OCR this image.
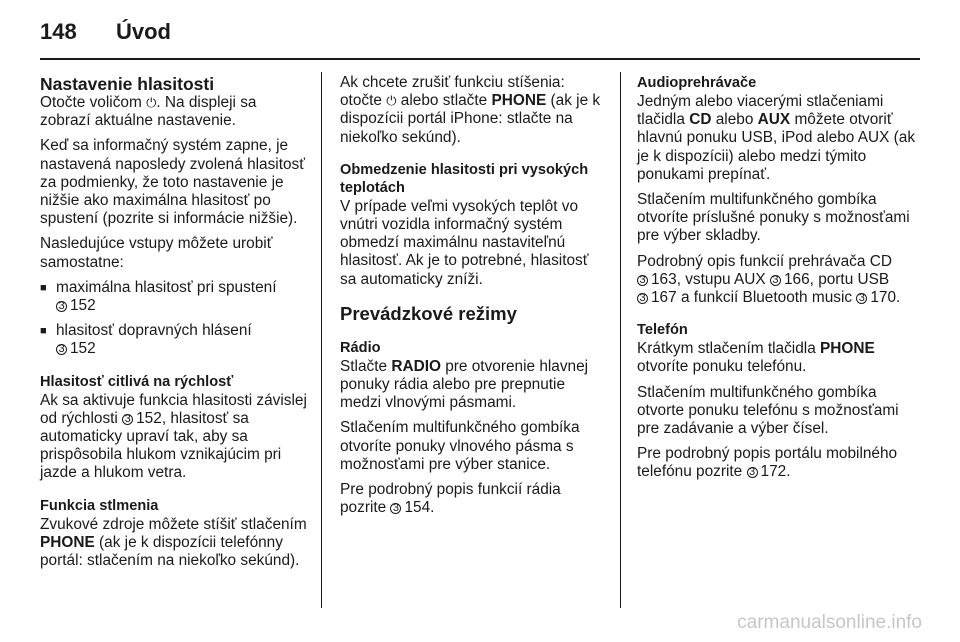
148	Úvod
Nastavenie hlasitosti

Otočte voličom ⏻. Na displeji sa zobrazí aktuálne nastavenie.

Keď sa informačný systém zapne, je nastavená naposledy zvolená hlasitosť za podmienky, že toto nastavenie je nižšie ako maximálna hlasitosť po spustení (pozrite si informácie nižšie).

Nasledujúce vstupy môžete urobiť samostatne:

■ maximálna hlasitosť pri spustení
3 152
■ hlasitosť dopravných hlásení
3 152
Hlasitosť citlivá na rýchlosť

Ak sa aktivuje funkcia hlasitosti závislej od rýchlosti 3 152, hlasitosť sa automaticky upraví tak, aby sa prispôsobila hlukom vznikajúcim pri jazde a hlukom vetra.

Funkcia stlmenia

Zvukové zdroje môžete stíšiť stlačením PHONE (ak je k dispozícii telefónny portál: stlačením na niekoľko sekúnd).

Ak chcete zrušiť funkciu stíšenia: otočte ⏻ alebo stlačte PHONE (ak je k dispozícii portál iPhone: stlačte na niekoľko sekúnd).

Obmedzenie hlasitosti pri vysokých teplotách

V prípade veľmi vysokých teplôt vo vnútri vozidla informačný systém obmedzí maximálnu nastaviteľnú hlasitosť. Ak je to potrebné, hlasitosť sa automaticky zníži.

Prevádzkové režimy
Rádio

Stlačte RADIO pre otvorenie hlavnej ponuky rádia alebo pre prepnutie medzi vlnovými pásmami.

Stlačením multifunkčného gombíka otvoríte ponuky vlnového pásma s možnosťami pre výber stanice.

Pre podrobný popis funkcií rádia pozrite 3 154.

Audioprehrávače

Jedným alebo viacerými stlačeniami tlačidla CD alebo AUX môžete otvoriť hlavnú ponuku USB, iPod alebo AUX (ak je k dispozícii) alebo medzi týmito ponukami prepínať.

Stlačením multifunkčného gombíka otvoríte príslušné ponuky s možnosťami pre výber skladby.

Podrobný opis funkcií prehrávača CD 3 163, vstupu AUX 3 166, portu USB 3 167 a funkcií Bluetooth music 3 170.

Telefón

Krátkym stlačením tlačidla PHONE otvoríte ponuku telefónu.

Stlačením multifunkčného gombíka otvorte ponuku telefónu s možnosťami pre zadávanie a výber čísel.

Pre podrobný popis portálu mobilného telefónu pozrite 3 172.

carmanualsonline.info
